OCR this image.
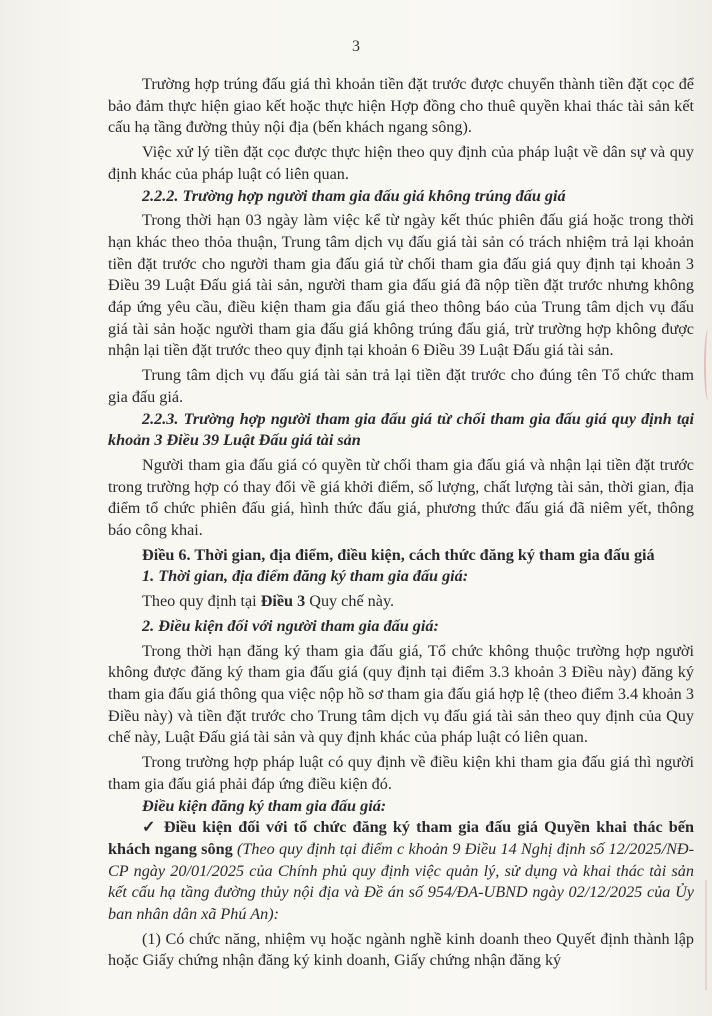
3

Trường hợp trúng đấu giá thì khoản tiền đặt trước được chuyển thành tiền đặt cọc để bảo đảm thực hiện giao kết hoặc thực hiện Hợp đồng cho thuê quyền khai thác tài sản kết cấu hạ tầng đường thủy nội địa (bến khách ngang sông).

Việc xử lý tiền đặt cọc được thực hiện theo quy định của pháp luật về dân sự và quy định khác của pháp luật có liên quan.

2.2.2. Trường hợp người tham gia đấu giá không trúng đấu giá

Trong thời hạn 03 ngày làm việc kể từ ngày kết thúc phiên đấu giá hoặc trong thời hạn khác theo thỏa thuận, Trung tâm dịch vụ đấu giá tài sản có trách nhiệm trả lại khoản tiền đặt trước cho người tham gia đấu giá từ chối tham gia đấu giá quy định tại khoản 3 Điều 39 Luật Đấu giá tài sản, người tham gia đấu giá đã nộp tiền đặt trước nhưng không đáp ứng yêu cầu, điều kiện tham gia đấu giá theo thông báo của Trung tâm dịch vụ đấu giá tài sản hoặc người tham gia đấu giá không trúng đấu giá, trừ trường hợp không được nhận lại tiền đặt trước theo quy định tại khoản 6 Điều 39 Luật Đấu giá tài sản.

Trung tâm dịch vụ đấu giá tài sản trả lại tiền đặt trước cho đúng tên Tổ chức tham gia đấu giá.

2.2.3. Trường hợp người tham gia đấu giá từ chối tham gia đấu giá quy định tại khoản 3 Điều 39 Luật Đấu giá tài sản

Người tham gia đấu giá có quyền từ chối tham gia đấu giá và nhận lại tiền đặt trước trong trường hợp có thay đổi về giá khởi điểm, số lượng, chất lượng tài sản, thời gian, địa điểm tổ chức phiên đấu giá, hình thức đấu giá, phương thức đấu giá đã niêm yết, thông báo công khai.

Điều 6. Thời gian, địa điểm, điều kiện, cách thức đăng ký tham gia đấu giá

1. Thời gian, địa điểm đăng ký tham gia đấu giá:

Theo quy định tại Điều 3 Quy chế này.

2. Điều kiện đối với người tham gia đấu giá:

Trong thời hạn đăng ký tham gia đấu giá, Tổ chức không thuộc trường hợp người không được đăng ký tham gia đấu giá (quy định tại điểm 3.3 khoản 3 Điều này) đăng ký tham gia đấu giá thông qua việc nộp hồ sơ tham gia đấu giá hợp lệ (theo điểm 3.4 khoản 3 Điều này) và tiền đặt trước cho Trung tâm dịch vụ đấu giá tài sản theo quy định của Quy chế này, Luật Đấu giá tài sản và quy định khác của pháp luật có liên quan.

Trong trường hợp pháp luật có quy định về điều kiện khi tham gia đấu giá thì người tham gia đấu giá phải đáp ứng điều kiện đó.

Điều kiện đăng ký tham gia đấu giá:

✓ Điều kiện đối với tổ chức đăng ký tham gia đấu giá Quyền khai thác bến khách ngang sông (Theo quy định tại điểm c khoản 9 Điều 14 Nghị định số 12/2025/NĐ-CP ngày 20/01/2025 của Chính phủ quy định việc quản lý, sử dụng và khai thác tài sản kết cấu hạ tầng đường thủy nội địa và Đề án số 954/ĐA-UBND ngày 02/12/2025 của Ủy ban nhân dân xã Phú An):

(1) Có chức năng, nhiệm vụ hoặc ngành nghề kinh doanh theo Quyết định thành lập hoặc Giấy chứng nhận đăng ký kinh doanh, Giấy chứng nhận đăng ký
